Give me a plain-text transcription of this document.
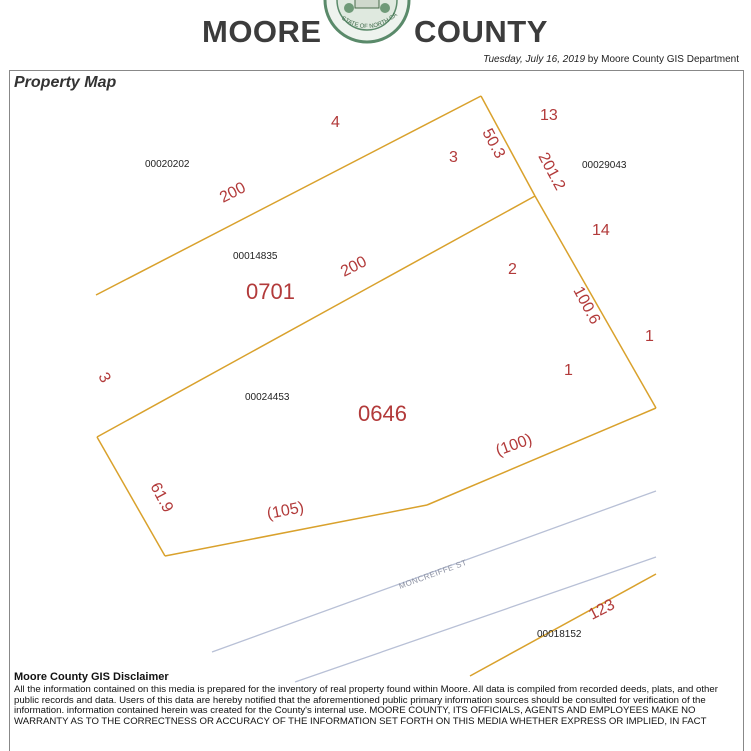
MOORE	STATE OF NORTH CA COUNTY
Tuesday, July 16, 2019 by Moore County GIS Department
Property Map
00020202	00029043
00014835
00024453
00018152
0701
0646
200
200
50.3
201.2
100.6
(100)
(105)
61.9
123
4
3
13
14
2
1
1
3
MONCREIFFE ST
Moore County GIS Disclaimer
All the information contained on this media is prepared for the inventory of real property found within Moore. All data is compiled from recorded deeds, plats, and other public records and data. Users of this data are hereby notified that the aforementioned public primary information sources should be consulted for verification of the information. information contained herein was created for the County's internal use. MOORE COUNTY, ITS OFFICIALS, AGENTS AND EMPLOYEES MAKE NO WARRANTY AS TO THE CORRECTNESS OR ACCURACY OF THE INFORMATION SET FORTH ON THIS MEDIA WHETHER EXPRESS OR IMPLIED, IN FACT
